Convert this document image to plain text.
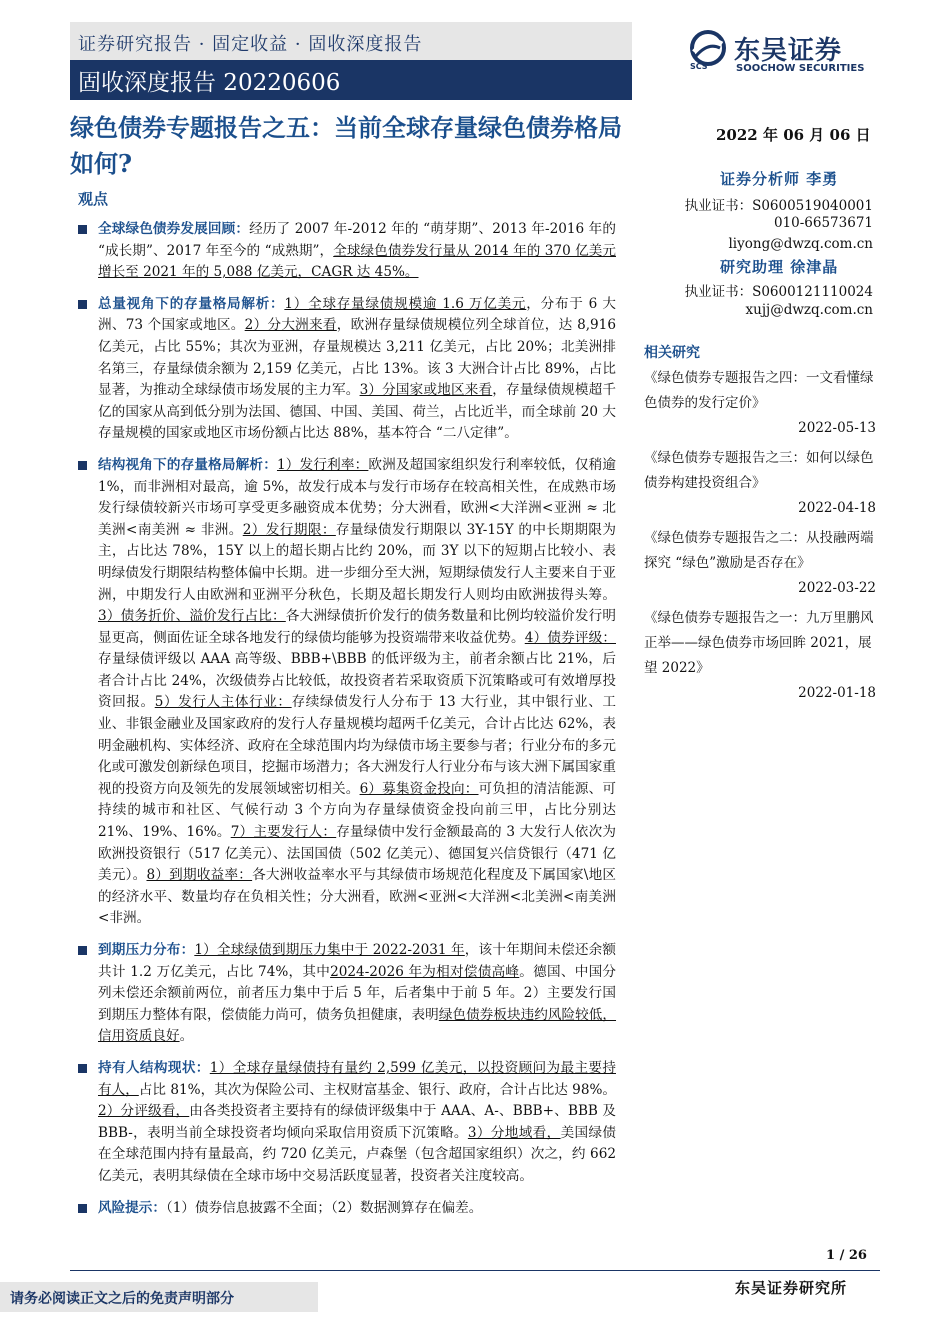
证券研究报告 · 固定收益 · 固收深度报告
固收深度报告 20220606
SCS
东吴证券
SOOCHOW SECURITIES
绿色债券专题报告之五：当前全球存量绿色债券格局如何?
2022 年 06 月 06 日
证券分析师 李勇
执业证书：S0600519040001
010-66573671
liyong@dwzq.com.cn
研究助理 徐津晶
执业证书：S0600121110024
xujj@dwzq.com.cn
相关研究
《绿色债券专题报告之四：一文看懂绿色债券的发行定价》
2022-05-13
《绿色债券专题报告之三：如何以绿色债券构建投资组合》
2022-04-18
《绿色债券专题报告之二：从投融两端探究 “绿色”激励是否存在》
2022-03-22
《绿色债券专题报告之一：九万里鹏风正举——绿色债券市场回眸 2021，展望 2022》
2022-01-18
观点
全球绿色债券发展回顾：经历了 2007 年-2012 年的 “萌芽期”、2013 年-2016 年的 “成长期”、2017 年至今的 “成熟期”，全球绿色债券发行量从 2014 年的 370 亿美元增长至 2021 年的 5,088 亿美元，CAGR 达 45%。
总量视角下的存量格局解析：1）全球存量绿债规模逾 1.6 万亿美元，分布于 6 大洲、73 个国家或地区。2）分大洲来看，欧洲存量绿债规模位列全球首位，达 8,916 亿美元，占比 55%；其次为亚洲，存量规模达 3,211 亿美元，占比 20%；北美洲排名第三，存量绿债余额为 2,159 亿美元，占比 13%。该 3 大洲合计占比 89%，占比显著，为推动全球绿债市场发展的主力军。3）分国家或地区来看，存量绿债规模超千亿的国家从高到低分别为法国、德国、中国、美国、荷兰，占比近半，而全球前 20 大存量规模的国家或地区市场份额占比达 88%，基本符合 “二八定律”。
结构视角下的存量格局解析：1）发行利率：欧洲及超国家组织发行利率较低，仅稍逾 1%，而非洲相对最高，逾 5%，故发行成本与发行市场存在较高相关性，在成熟市场发行绿债较新兴市场可享受更多融资成本优势；分大洲看，欧洲<大洋洲<亚洲 ≈ 北美洲<南美洲 ≈ 非洲。2）发行期限：存量绿债发行期限以 3Y-15Y 的中长期期限为主，占比达 78%，15Y 以上的超长期占比约 20%，而 3Y 以下的短期占比较小、表明绿债发行期限结构整体偏中长期。进一步细分至大洲，短期绿债发行人主要来自于亚洲，中期发行人由欧洲和亚洲平分秋色，长期及超长期发行人则均由欧洲拔得头筹。3）债务折价、溢价发行占比：各大洲绿债折价发行的债务数量和比例均较溢价发行明显更高，侧面佐证全球各地发行的绿债均能够为投资端带来收益优势。4）债券评级：存量绿债评级以 AAA 高等级、BBB+\BBB 的低评级为主，前者余额占比 21%，后者合计占比 24%，次级债券占比较低，故投资者若采取资质下沉策略或可有效增厚投资回报。5）发行人主体行业：存续绿债发行人分布于 13 大行业，其中银行业、工业、非银金融业及国家政府的发行人存量规模均超两千亿美元，合计占比达 62%，表明金融机构、实体经济、政府在全球范围内均为绿债市场主要参与者；行业分布的多元化或可激发创新绿色项目，挖掘市场潜力；各大洲发行人行业分布与该大洲下属国家重视的投资方向及领先的发展领域密切相关。6）募集资金投向：可负担的清洁能源、可持续的城市和社区、气候行动 3 个方向为存量绿债资金投向前三甲，占比分别达 21%、19%、16%。7）主要发行人：存量绿债中发行金额最高的 3 大发行人依次为欧洲投资银行（517 亿美元）、法国国债（502 亿美元）、德国复兴信贷银行（471 亿美元）。8）到期收益率：各大洲收益率水平与其绿债市场规范化程度及下属国家\地区的经济水平、数量均存在负相关性；分大洲看，欧洲<亚洲<大洋洲<北美洲<南美洲<非洲。
到期压力分布：1）全球绿债到期压力集中于 2022-2031 年，该十年期间未偿还余额共计 1.2 万亿美元，占比 74%，其中2024-2026 年为相对偿债高峰。德国、中国分列未偿还余额前两位，前者压力集中于后 5 年，后者集中于前 5 年。2）主要发行国到期压力整体有限，偿债能力尚可，债务负担健康，表明绿色债券板块违约风险较低，信用资质良好。
持有人结构现状：1）全球存量绿债持有量约 2,599 亿美元，以投资顾问为最主要持有人，占比 81%，其次为保险公司、主权财富基金、银行、政府，合计占比达 98%。2）分评级看，由各类投资者主要持有的绿债评级集中于 AAA、A-、BBB+、BBB 及 BBB-，表明当前全球投资者均倾向采取信用资质下沉策略。3）分地域看，美国绿债在全球范围内持有量最高，约 720 亿美元，卢森堡（包含超国家组织）次之，约 662 亿美元，表明其绿债在全球市场中交易活跃度显著，投资者关注度较高。
风险提示：（1）债券信息披露不全面；（2）数据测算存在偏差。
1 / 26
东吴证券研究所
请务必阅读正文之后的免责声明部分
